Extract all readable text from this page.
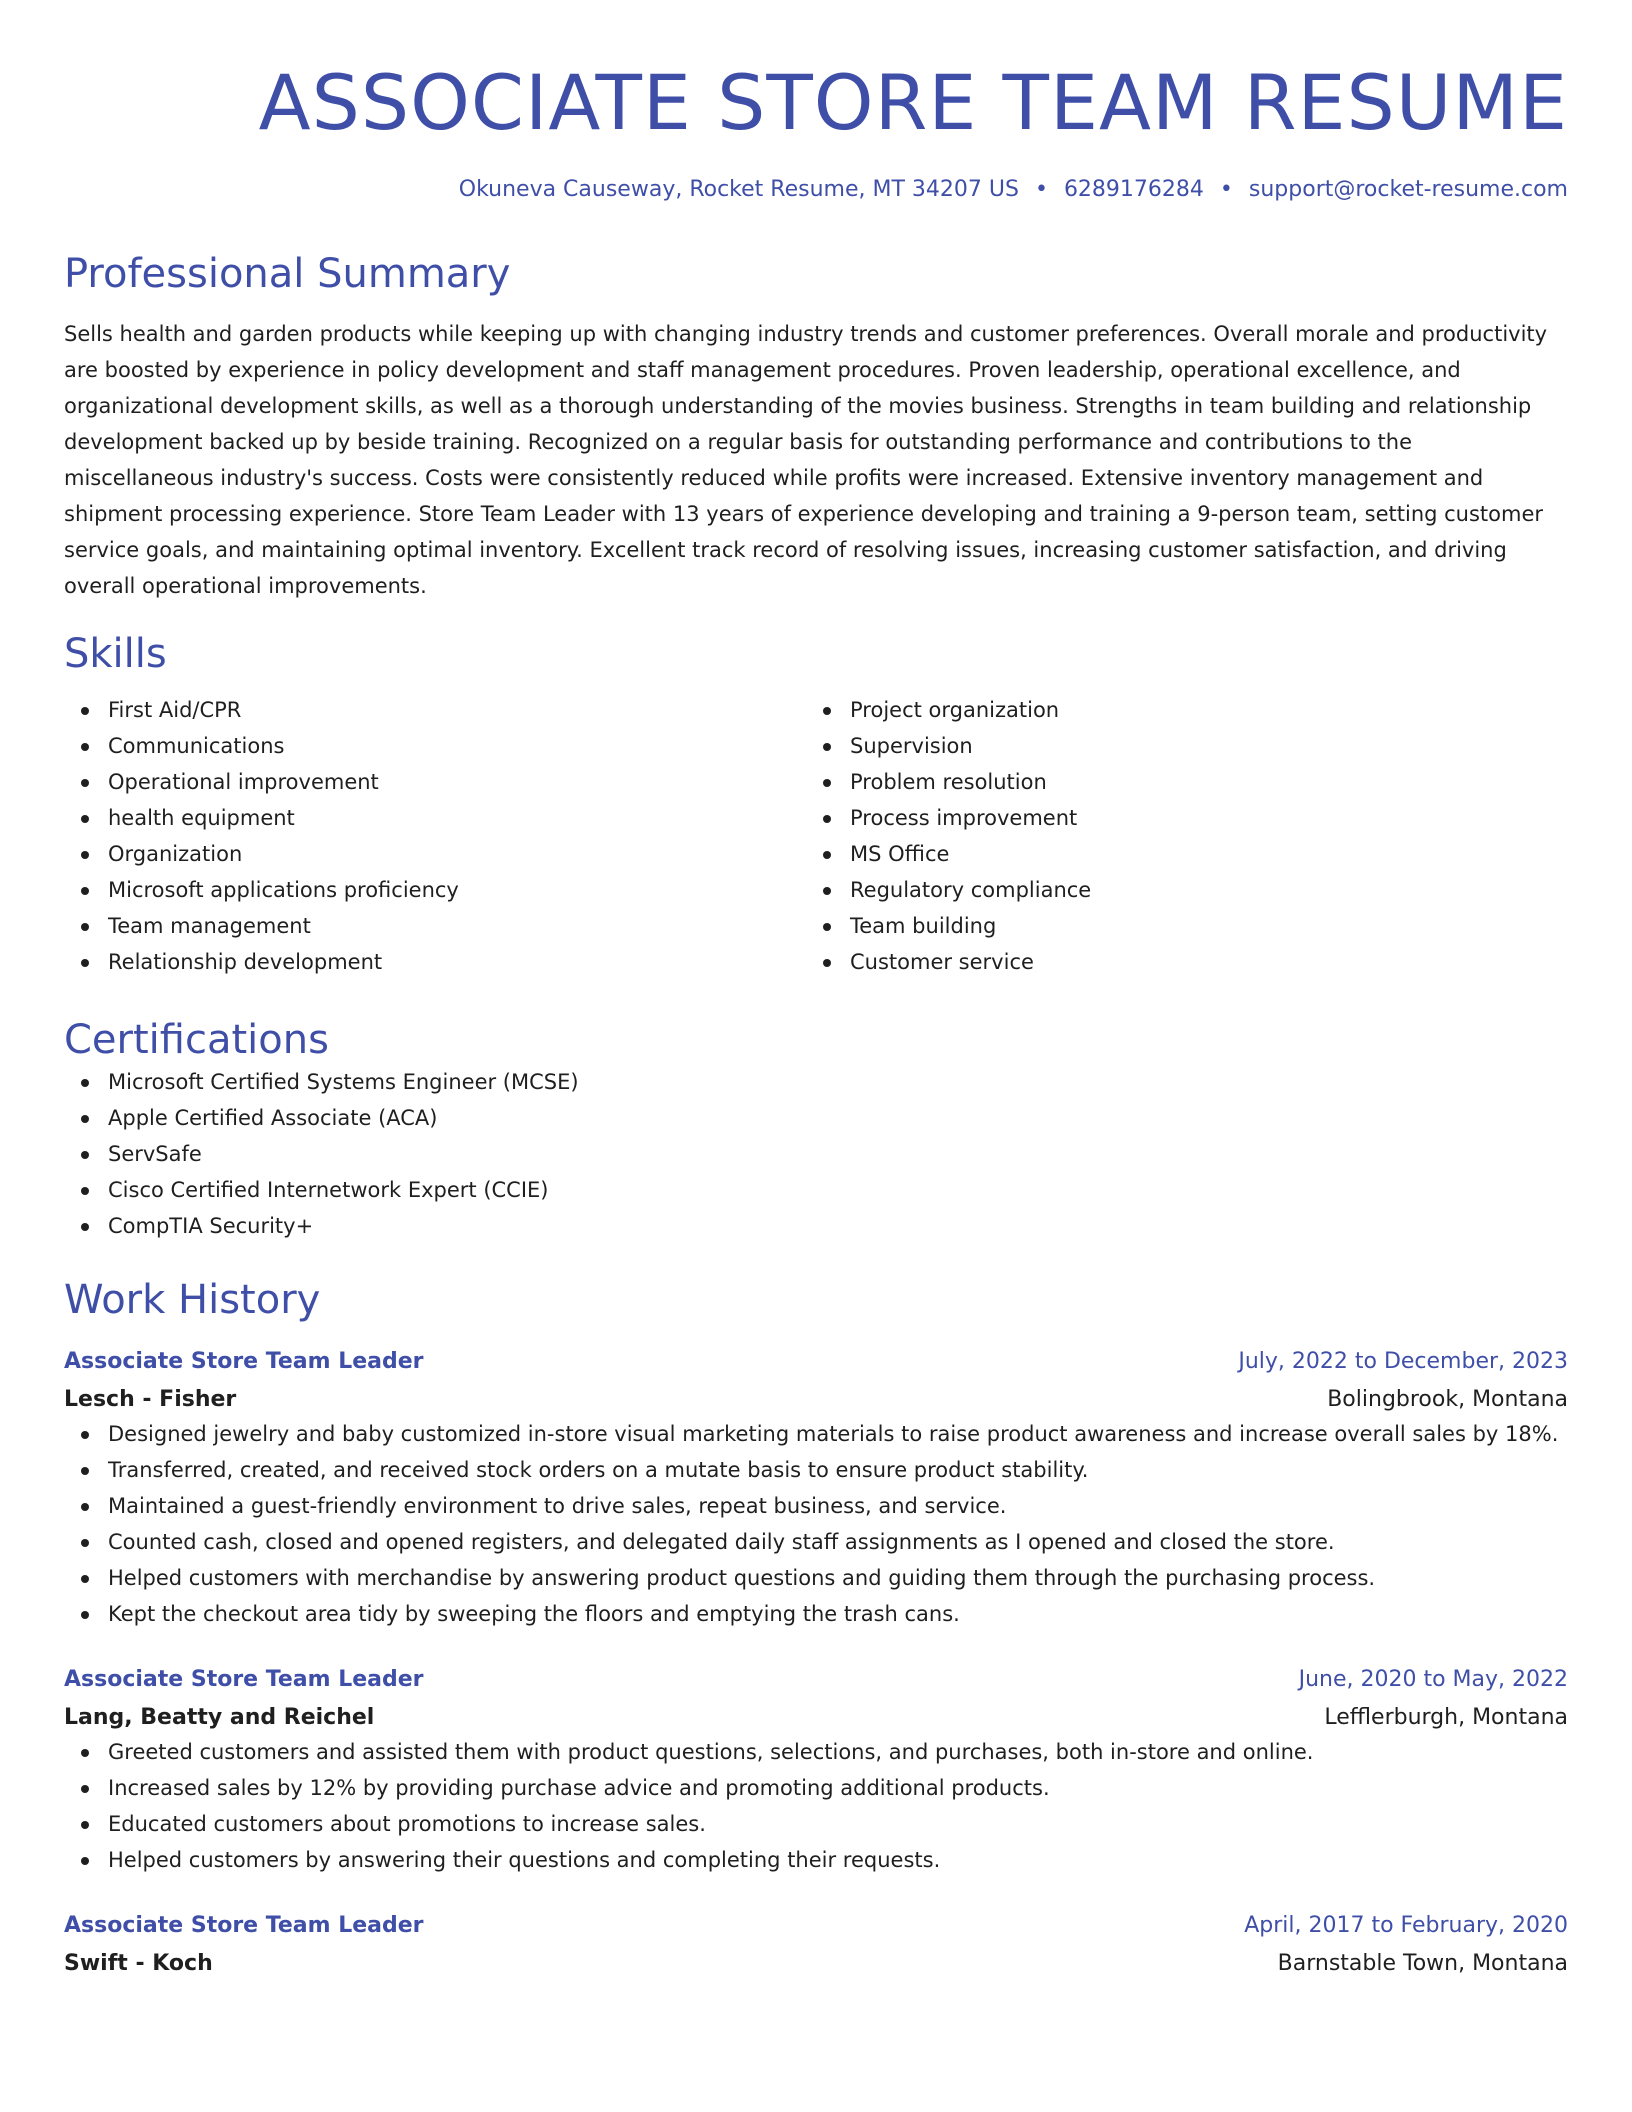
ASSOCIATE STORE TEAM RESUME
Okuneva Causeway, Rocket Resume, MT 34207 US • 6289176284 • support@rocket-resume.com
Professional Summary
Sells health and garden products while keeping up with changing industry trends and customer preferences. Overall morale and productivity are boosted by experience in policy development and staff management procedures. Proven leadership, operational excellence, and organizational development skills, as well as a thorough understanding of the movies business. Strengths in team building and relationship development backed up by beside training. Recognized on a regular basis for outstanding performance and contributions to the miscellaneous industry's success. Costs were consistently reduced while profits were increased. Extensive inventory management and shipment processing experience. Store Team Leader with 13 years of experience developing and training a 9-person team, setting customer service goals, and maintaining optimal inventory. Excellent track record of resolving issues, increasing customer satisfaction, and driving overall operational improvements.
Skills
First Aid/CPR
Communications
Operational improvement
health equipment
Organization
Microsoft applications proficiency
Team management
Relationship development
Project organization
Supervision
Problem resolution
Process improvement
MS Office
Regulatory compliance
Team building
Customer service
Certifications
Microsoft Certified Systems Engineer (MCSE)
Apple Certified Associate (ACA)
ServSafe
Cisco Certified Internetwork Expert (CCIE)
CompTIA Security+
Work History
Associate Store Team Leader	July, 2022 to December, 2023
Lesch - Fisher	Bolingbrook, Montana
Designed jewelry and baby customized in-store visual marketing materials to raise product awareness and increase overall sales by 18%.
Transferred, created, and received stock orders on a mutate basis to ensure product stability.
Maintained a guest-friendly environment to drive sales, repeat business, and service.
Counted cash, closed and opened registers, and delegated daily staff assignments as I opened and closed the store.
Helped customers with merchandise by answering product questions and guiding them through the purchasing process.
Kept the checkout area tidy by sweeping the floors and emptying the trash cans.
Associate Store Team Leader	June, 2020 to May, 2022
Lang, Beatty and Reichel	Lefflerburgh, Montana
Greeted customers and assisted them with product questions, selections, and purchases, both in-store and online.
Increased sales by 12% by providing purchase advice and promoting additional products.
Educated customers about promotions to increase sales.
Helped customers by answering their questions and completing their requests.
Associate Store Team Leader	April, 2017 to February, 2020
Swift - Koch	Barnstable Town, Montana
